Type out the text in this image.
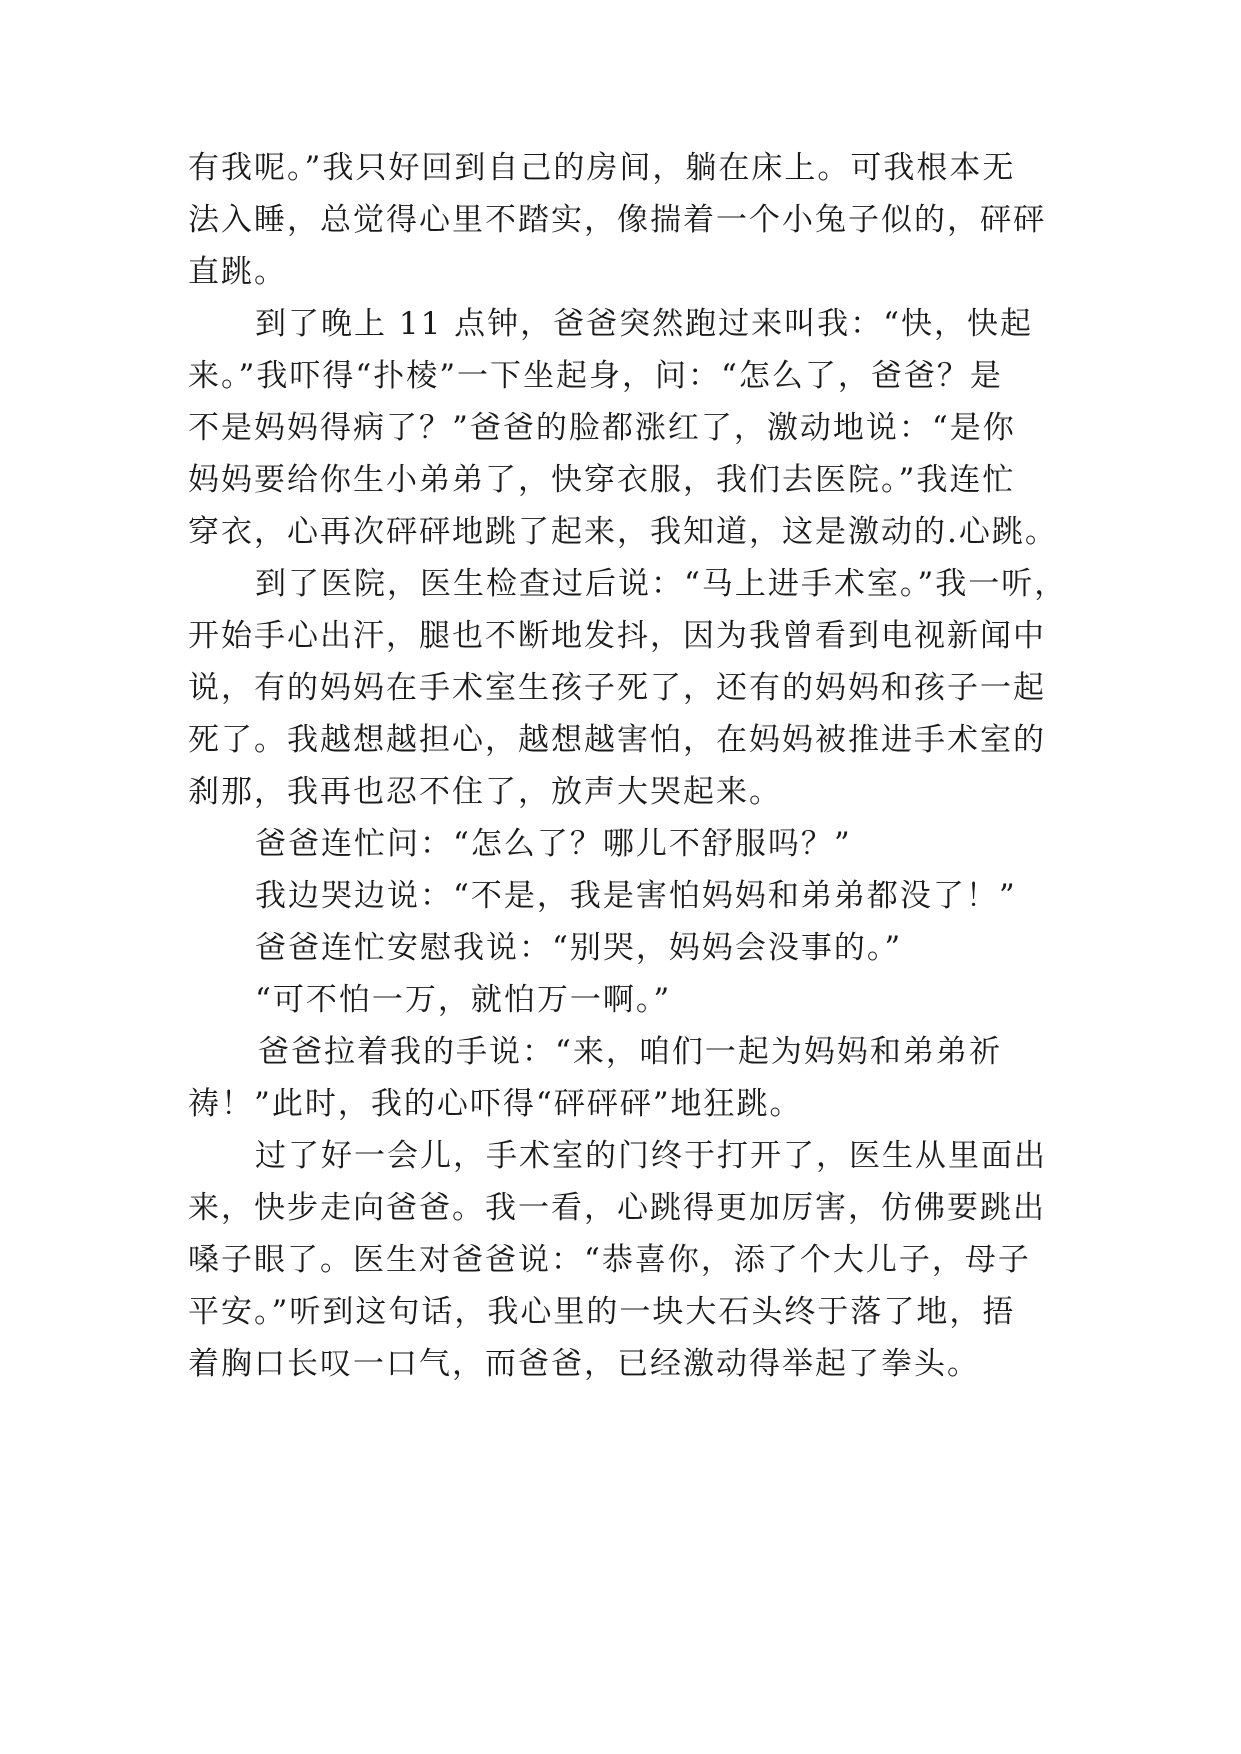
有我呢。”我只好回到自己的房间，躺在床上。可我根本无
法入睡，总觉得心里不踏实，像揣着一个小兔子似的，砰砰
直跳。
到了晚上 11 点钟，爸爸突然跑过来叫我：“快，快起
来。”我吓得“扑棱”一下坐起身，问：“怎么了，爸爸？是
不是妈妈得病了？”爸爸的脸都涨红了，激动地说：“是你
妈妈要给你生小弟弟了，快穿衣服，我们去医院。”我连忙
穿衣，心再次砰砰地跳了起来，我知道，这是激动的.心跳。
到了医院，医生检查过后说：“马上进手术室。”我一听，
开始手心出汗，腿也不断地发抖，因为我曾看到电视新闻中
说，有的妈妈在手术室生孩子死了，还有的妈妈和孩子一起
死了。我越想越担心，越想越害怕，在妈妈被推进手术室的
刹那，我再也忍不住了，放声大哭起来。
爸爸连忙问：“怎么了？哪儿不舒服吗？”
我边哭边说：“不是，我是害怕妈妈和弟弟都没了！”
爸爸连忙安慰我说：“别哭，妈妈会没事的。”
“可不怕一万，就怕万一啊。”
爸爸拉着我的手说：“来，咱们一起为妈妈和弟弟祈
祷！”此时，我的心吓得“砰砰砰”地狂跳。
过了好一会儿，手术室的门终于打开了，医生从里面出
来，快步走向爸爸。我一看，心跳得更加厉害，仿佛要跳出
嗓子眼了。医生对爸爸说：“恭喜你，添了个大儿子，母子
平安。”听到这句话，我心里的一块大石头终于落了地，捂
着胸口长叹一口气，而爸爸，已经激动得举起了拳头。
